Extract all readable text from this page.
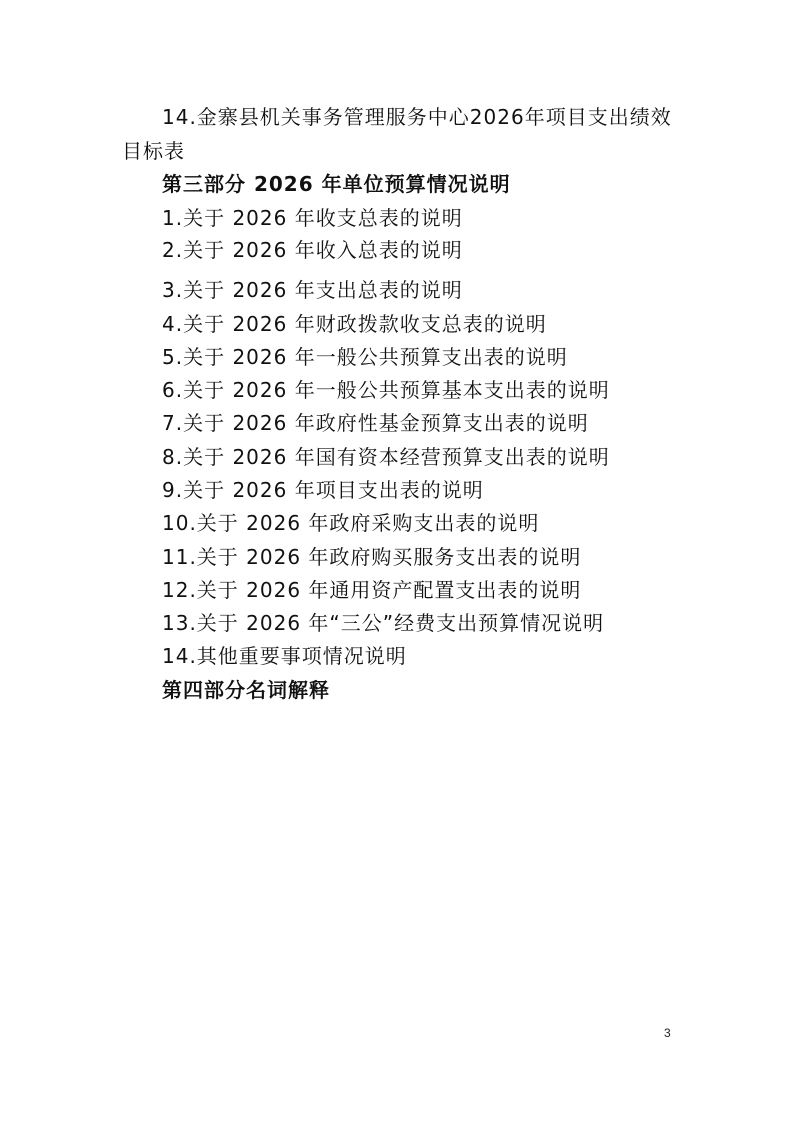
14.金寨县机关事务管理服务中心2026年项目支出绩效目标表
第三部分 2026 年单位预算情况说明
1.关于 2026 年收支总表的说明
2.关于 2026 年收入总表的说明
3.关于 2026 年支出总表的说明
4.关于 2026 年财政拨款收支总表的说明
5.关于 2026 年一般公共预算支出表的说明
6.关于 2026 年一般公共预算基本支出表的说明
7.关于 2026 年政府性基金预算支出表的说明
8.关于 2026 年国有资本经营预算支出表的说明
9.关于 2026 年项目支出表的说明
10.关于 2026 年政府采购支出表的说明
11.关于 2026 年政府购买服务支出表的说明
12.关于 2026 年通用资产配置支出表的说明
13.关于 2026 年“三公”经费支出预算情况说明
14.其他重要事项情况说明
第四部分名词解释
3
